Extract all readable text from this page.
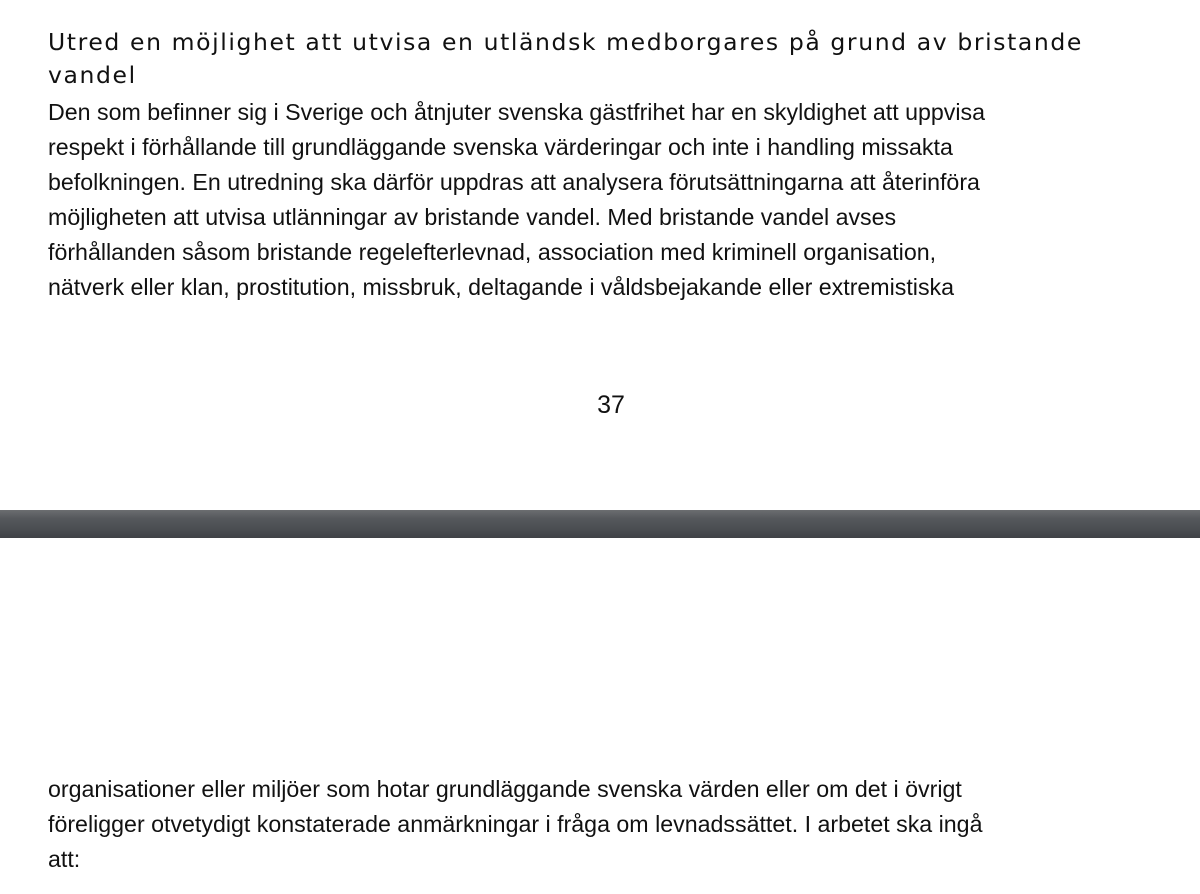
Utred en möjlighet att utvisa en utländsk medborgares på grund av bristande
vandel

Den som befinner sig i Sverige och åtnjuter svenska gästfrihet har en skyldighet att uppvisa
respekt i förhållande till grundläggande svenska värderingar och inte i handling missakta
befolkningen. En utredning ska därför uppdras att analysera förutsättningarna att återinföra
möjligheten att utvisa utlänningar av bristande vandel. Med bristande vandel avses
förhållanden såsom bristande regelefterlevnad, association med kriminell organisation,
nätverk eller klan, prostitution, missbruk, deltagande i våldsbejakande eller extremistiska

37

organisationer eller miljöer som hotar grundläggande svenska värden eller om det i övrigt
föreligger otvetydigt konstaterade anmärkningar i fråga om levnadssättet. I arbetet ska ingå
att:
